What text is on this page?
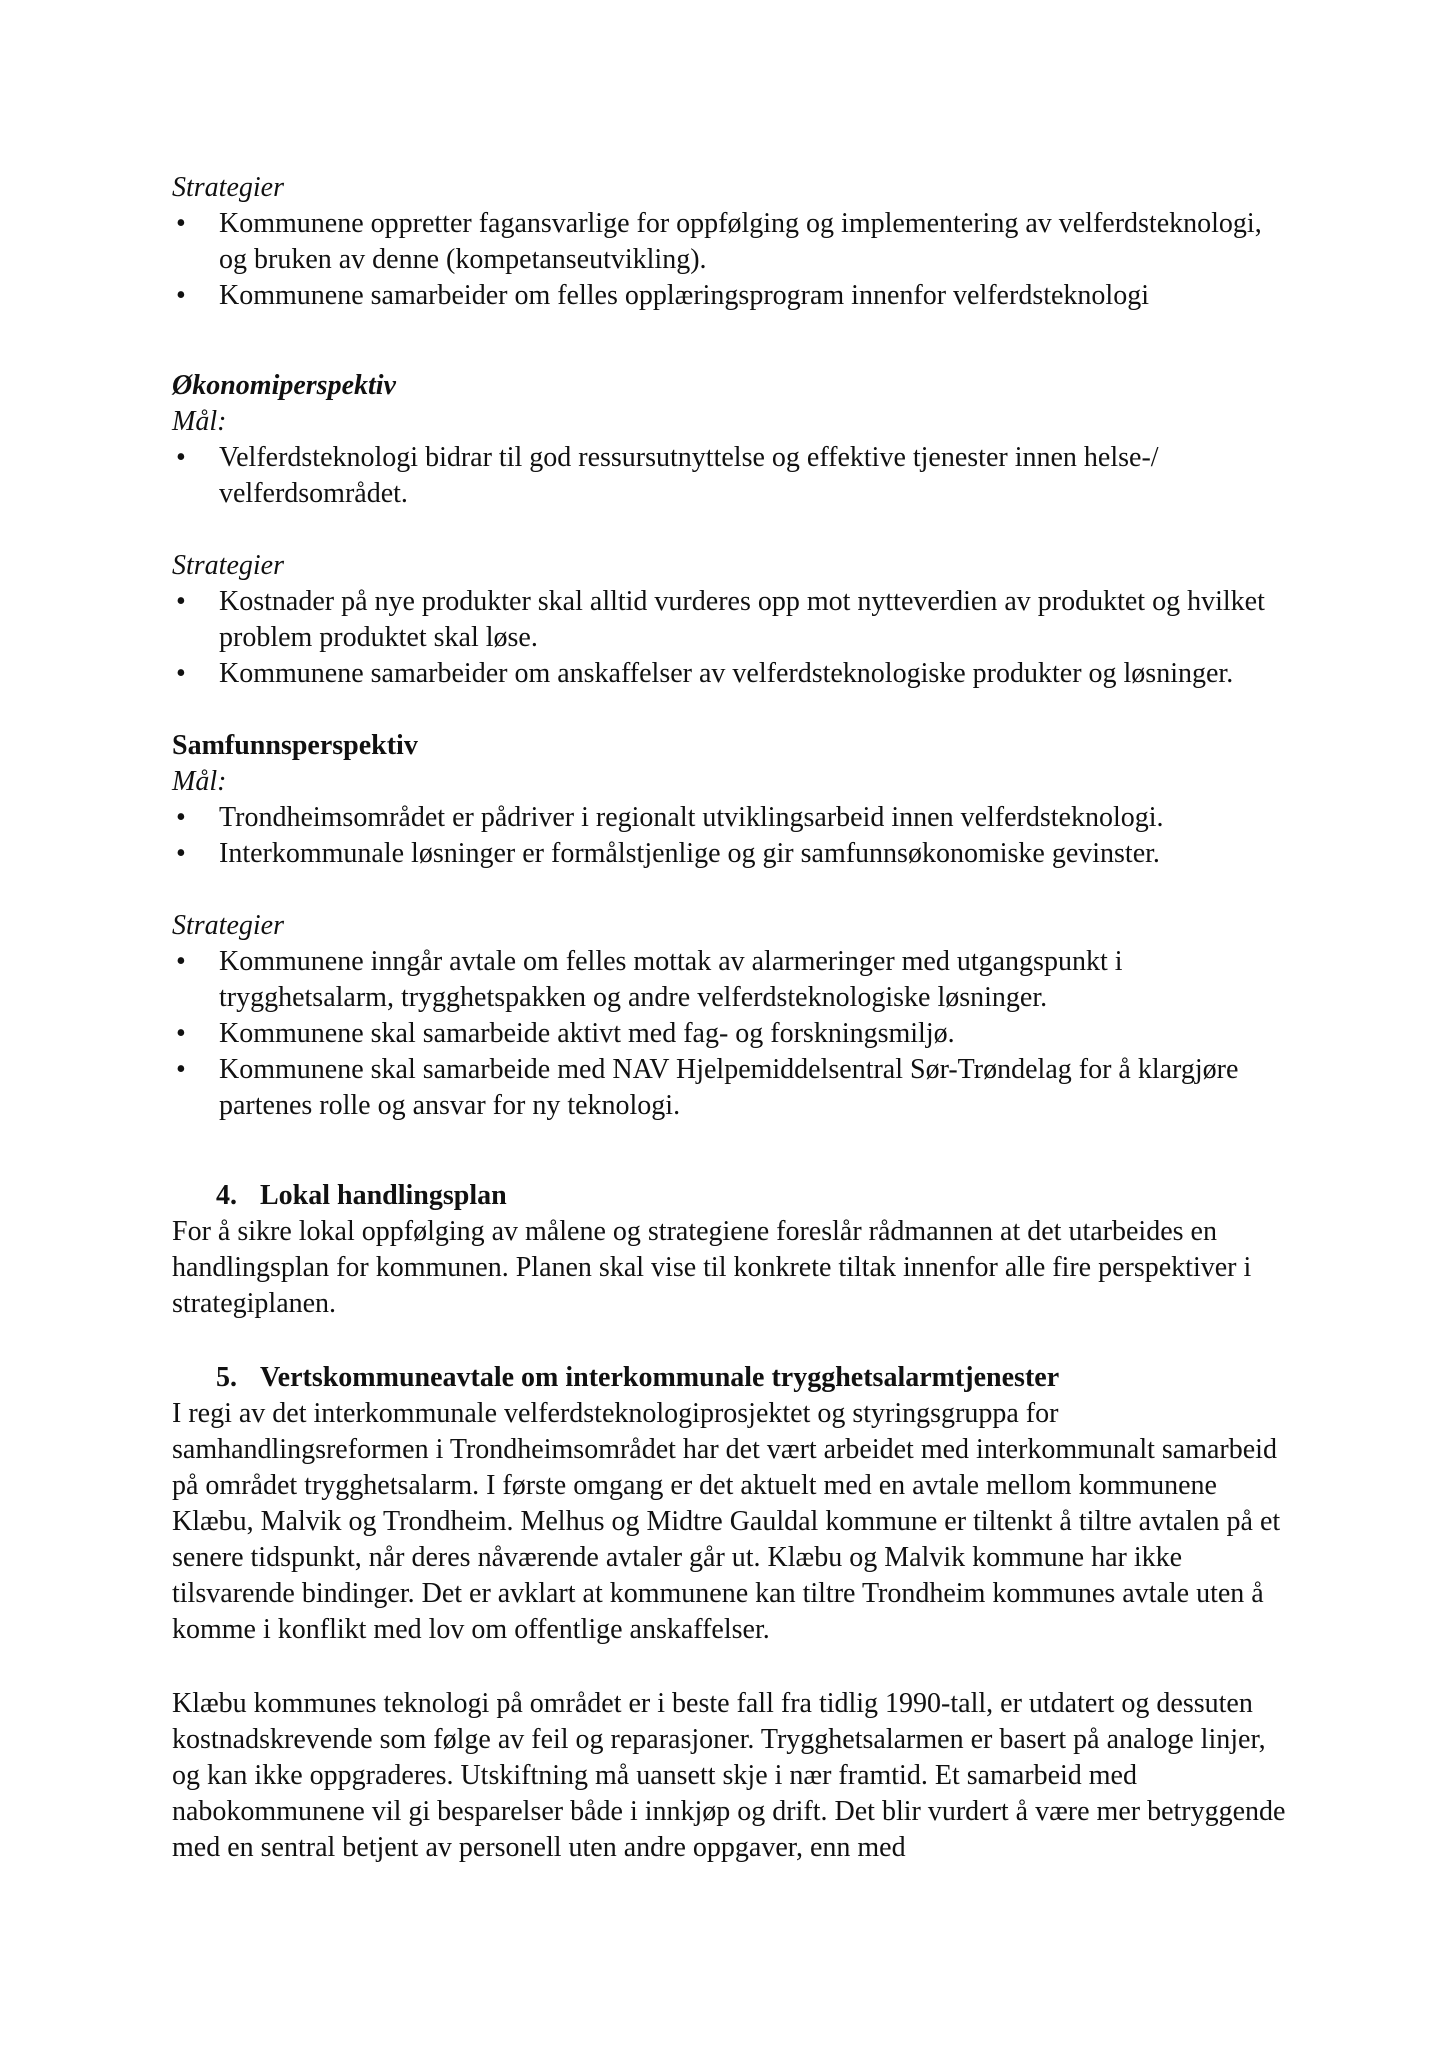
Strategier
• Kommunene oppretter fagansvarlige for oppfølging og implementering av velferdsteknologi, og bruken av denne (kompetanseutvikling).
• Kommunene samarbeider om felles opplæringsprogram innenfor velferdsteknologi
Økonomiperspektiv
Mål:
• Velferdsteknologi bidrar til god ressursutnyttelse og effektive tjenester innen helse-/ velferdsområdet.
Strategier
• Kostnader på nye produkter skal alltid vurderes opp mot nytteverdien av produktet og hvilket problem produktet skal løse.
• Kommunene samarbeider om anskaffelser av velferdsteknologiske produkter og løsninger.
Samfunnsperspektiv
Mål:
• Trondheimsområdet er pådriver i regionalt utviklingsarbeid innen velferdsteknologi.
• Interkommunale løsninger er formålstjenlige og gir samfunnsøkonomiske gevinster.
Strategier
• Kommunene inngår avtale om felles mottak av alarmeringer med utgangspunkt i trygghetsalarm, trygghetspakken og andre velferdsteknologiske løsninger.
• Kommunene skal samarbeide aktivt med fag- og forskningsmiljø.
• Kommunene skal samarbeide med NAV Hjelpemiddelsentral Sør-Trøndelag for å klargjøre partenes rolle og ansvar for ny teknologi.
4. Lokal handlingsplan

For å sikre lokal oppfølging av målene og strategiene foreslår rådmannen at det utarbeides en handlingsplan for kommunen. Planen skal vise til konkrete tiltak innenfor alle fire perspektiver i strategiplanen.

5. Vertskommuneavtale om interkommunale trygghetsalarmtjenester

I regi av det interkommunale velferdsteknologiprosjektet og styringsgruppa for samhandlingsreformen i Trondheimsområdet har det vært arbeidet med interkommunalt samarbeid på området trygghetsalarm. I første omgang er det aktuelt med en avtale mellom kommunene Klæbu, Malvik og Trondheim. Melhus og Midtre Gauldal kommune er tiltenkt å tiltre avtalen på et senere tidspunkt, når deres nåværende avtaler går ut. Klæbu og Malvik kommune har ikke tilsvarende bindinger. Det er avklart at kommunene kan tiltre Trondheim kommunes avtale uten å komme i konflikt med lov om offentlige anskaffelser.

Klæbu kommunes teknologi på området er i beste fall fra tidlig 1990-tall, er utdatert og dessuten kostnadskrevende som følge av feil og reparasjoner. Trygghetsalarmen er basert på analoge linjer, og kan ikke oppgraderes. Utskiftning må uansett skje i nær framtid. Et samarbeid med nabokommunene vil gi besparelser både i innkjøp og drift. Det blir vurdert å være mer betryggende med en sentral betjent av personell uten andre oppgaver, enn med
